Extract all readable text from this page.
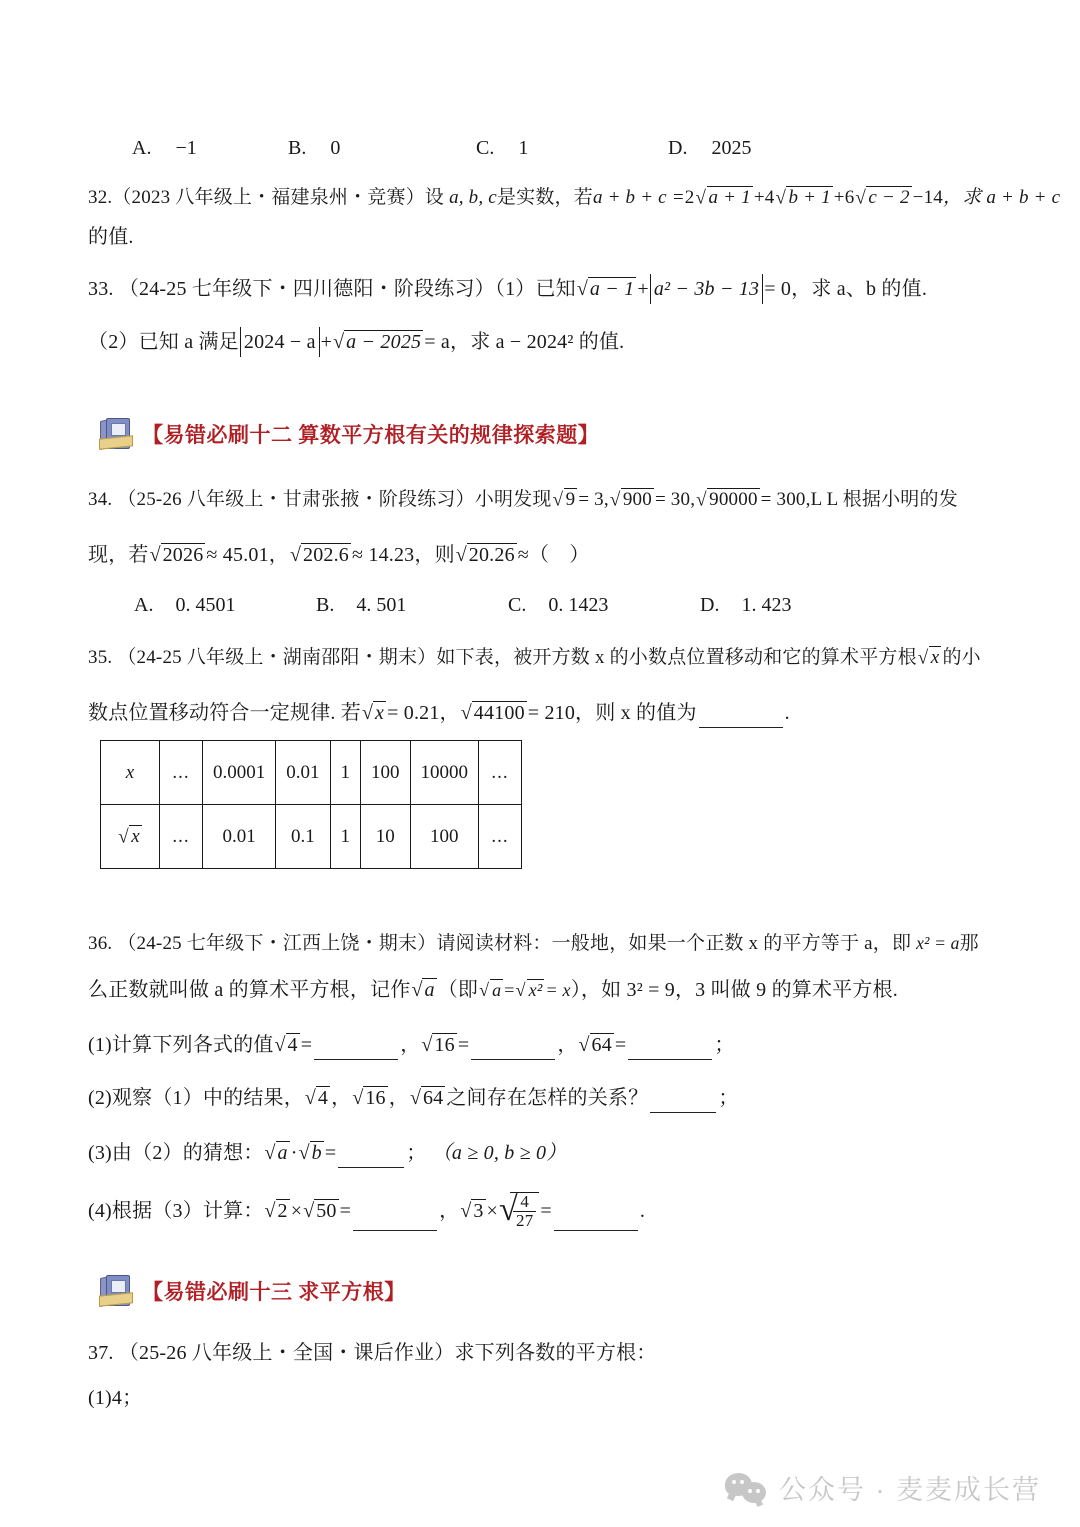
A. −1	B. 0	C. 1	D. 2025
32.（2023 八年级上・福建泉州・竞赛）设 a, b, c是实数，若a + b + c =2 √ a + 1 +4 √ b + 1 +6 √ c − 2 −14，求 a + b + c
的值.
33. （24-25 七年级下・四川德阳・阶段练习）（1）已知 √ a − 1 + a² − 3b − 13 = 0，求 a、b 的值.
（2）已知 a 满足 2024 − a + √ a − 2025 = a，求 a − 2024² 的值.
【易错必刷十二 算数平方根有关的规律探索题】
34. （25-26 八年级上・甘肃张掖・阶段练习）小明发现 √ 9 = 3, √ 900 = 30, √ 90000 = 300,L L 根据小明的发
现，若 √ 2026 ≈ 45.01， √ 202.6 ≈ 14.23，则 √ 20.26 ≈（　）
A. 0. 4501	B. 4. 501	C. 0. 1423	D. 1. 423
35. （24-25 八年级上・湖南邵阳・期末）如下表，被开方数 x 的小数点位置移动和它的算术平方根 √ x 的小
数点位置移动符合一定规律. 若 √ x = 0.21， √ 44100 = 210，则 x 的值为	.
x	...	0.0001	0.01	1	100	10000	...

√ x	...	0.01	0.1	1	10	100	...
36. （24-25 七年级下・江西上饶・期末）请阅读材料：一般地，如果一个正数 x 的平方等于 a，即 x² = a那
么正数就叫做 a 的算术平方根，记作 √ a （即 √ a = √ x² = x），如 3² = 9，3 叫做 9 的算术平方根.
(1)计算下列各式的值 √ 4 =	， √ 16 =	， √ 64 =	；
(2)观察（1）中的结果， √ 4 ， √ 16 ， √ 64 之间存在怎样的关系？	；
(3)由（2）的猜想： √ a · √ b =	； （a ≥ 0, b ≥ 0）
(4)根据（3）计算： √ 2 × √ 50 =	， √ 3 × √
$\frac{4}{27}$ =	.
【易错必刷十三 求平方根】
37. （25-26 八年级上・全国・课后作业）求下列各数的平方根：
(1)4；
公众号 · 麦麦成长营
